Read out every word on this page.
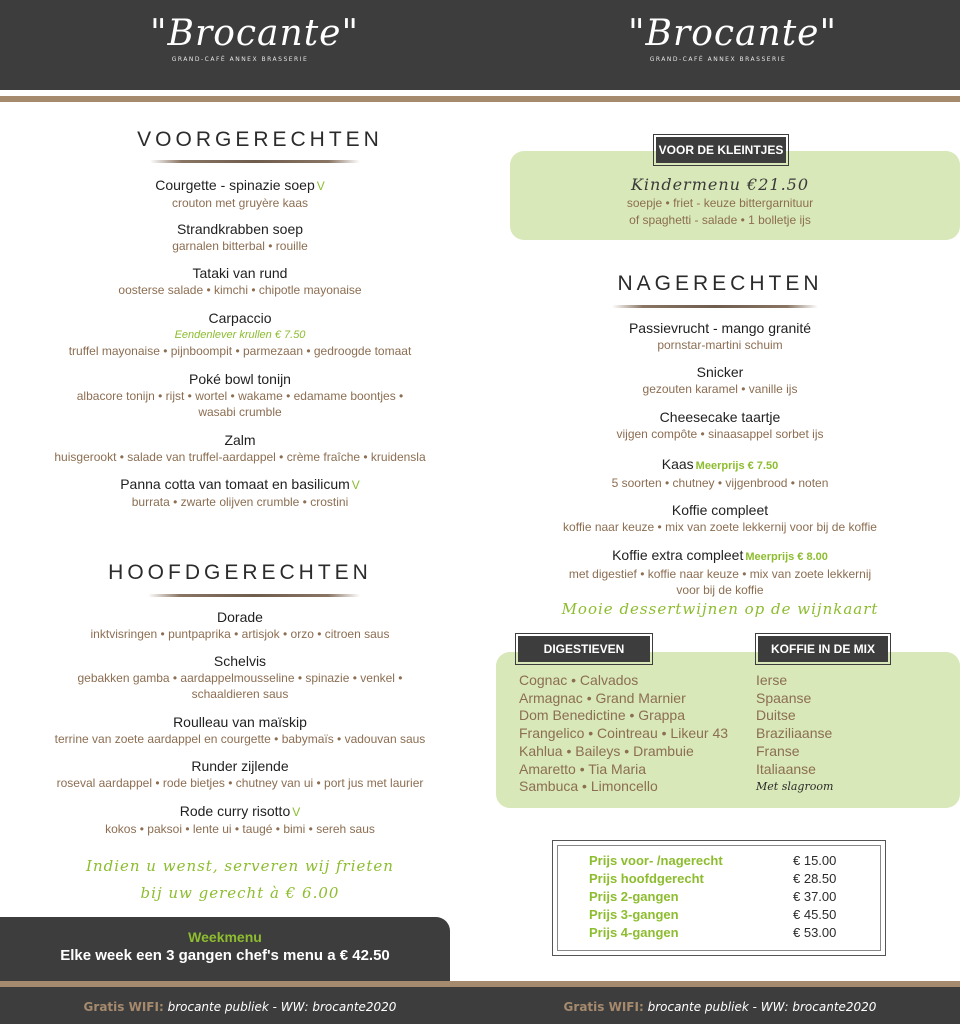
"Brocante"
GRAND-CAFÉ ANNEX BRASSERIE
"Brocante"
GRAND-CAFÉ ANNEX BRASSERIE
VOORGERECHTEN
Courgette - spinazie soep V
crouton met gruyère kaas
Strandkrabben soep
garnalen bitterbal • rouille
Tataki van rund
oosterse salade • kimchi • chipotle mayonaise
Carpaccio
Eendenlever krullen € 7.50
truffel mayonaise • pijnboompit • parmezaan • gedroogde tomaat
Poké bowl tonijn
albacore tonijn • rijst • wortel • wakame • edamame boontjes •
wasabi crumble
Zalm
huisgerookt • salade van truffel-aardappel • crème fraîche • kruidensla
Panna cotta van tomaat en basilicum V
burrata • zwarte olijven crumble • crostini
HOOFDGERECHTEN
Dorade
inktvisringen • puntpaprika • artisjok • orzo • citroen saus
Schelvis
gebakken gamba • aardappelmousseline • spinazie • venkel •
schaaldieren saus
Roulleau van maïskip
terrine van zoete aardappel en courgette • babymaïs • vadouvan saus
Runder zijlende
roseval aardappel • rode bietjes • chutney van ui • port jus met laurier
Rode curry risotto V
kokos • paksoi • lente ui • taugé • bimi • sereh saus
Indien u wenst, serveren wij frieten
bij uw gerecht à € 6.00
Weekmenu
Elke week een 3 gangen chef's menu a € 42.50
VOOR DE KLEINTJES
Kindermenu €21.50
soepje • friet - keuze bittergarnituur
of spaghetti - salade • 1 bolletje ijs
NAGERECHTEN
Passievrucht - mango granité
pornstar-martini schuim
Snicker
gezouten karamel • vanille ijs
Cheesecake taartje
vijgen compôte • sinaasappel sorbet ijs
Kaas Meerprijs € 7.50
5 soorten • chutney • vijgenbrood • noten
Koffie compleet
koffie naar keuze • mix van zoete lekkernij voor bij de koffie
Koffie extra compleet Meerprijs € 8.00
met digestief • koffie naar keuze • mix van zoete lekkernij
voor bij de koffie
Mooie dessertwijnen op de wijnkaart
DIGESTIEVEN	KOFFIE IN DE MIX
Cognac • Calvados
Armagnac • Grand Marnier
Dom Benedictine • Grappa
Frangelico • Cointreau • Likeur 43
Kahlua • Baileys • Drambuie
Amaretto • Tia Maria
Sambuca • Limoncello
Ierse
Spaanse
Duitse
Braziliaanse
Franse
Italiaanse
Met slagroom
Prijs voor- /nagerecht	€ 15.00
Prijs hoofdgerecht	€ 28.50
Prijs 2-gangen	€ 37.00
Prijs 3-gangen	€ 45.50
Prijs 4-gangen	€ 53.00
Gratis WIFI: brocante publiek - WW: brocante2020	Gratis WIFI: brocante publiek - WW: brocante2020
